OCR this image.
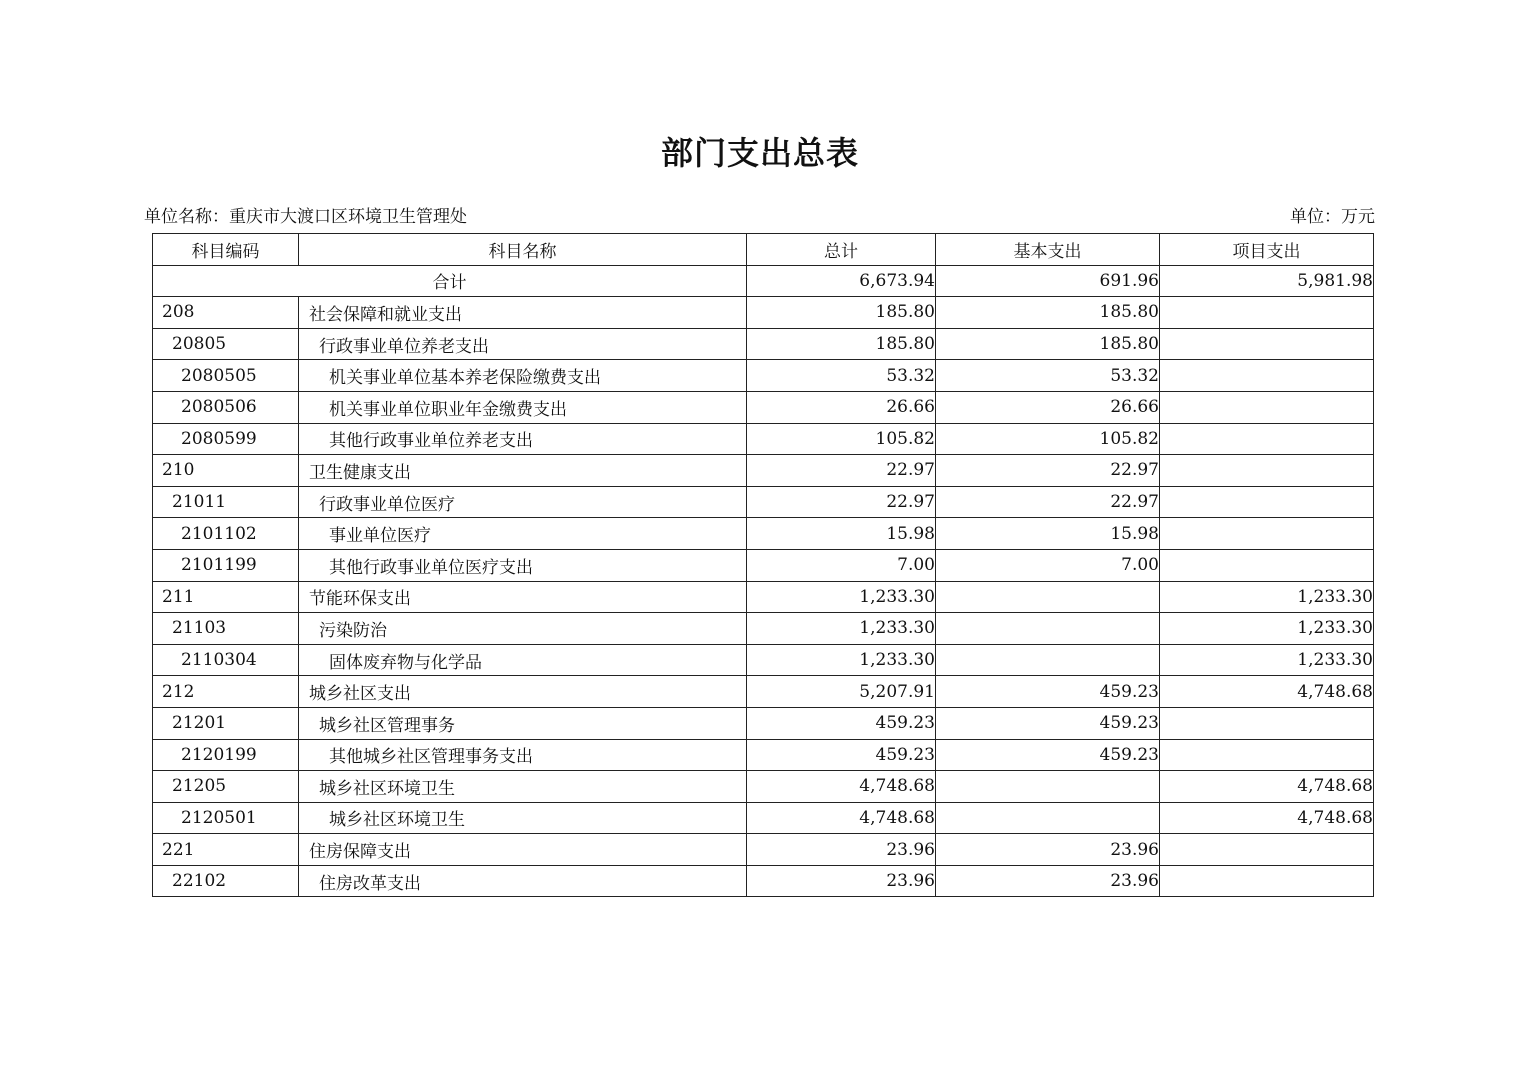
部门支出总表
单位名称：重庆市大渡口区环境卫生管理处	单位：万元
科目编码	科目名称	总计	基本支出	项目支出
合计		6,673.94	691.96	5,981.98
208	社会保障和就业支出	185.80	185.80	
20805	行政事业单位养老支出	185.80	185.80	
2080505	机关事业单位基本养老保险缴费支出	53.32	53.32	
2080506	机关事业单位职业年金缴费支出	26.66	26.66	
2080599	其他行政事业单位养老支出	105.82	105.82	
210	卫生健康支出	22.97	22.97	
21011	行政事业单位医疗	22.97	22.97	
2101102	事业单位医疗	15.98	15.98	
2101199	其他行政事业单位医疗支出	7.00	7.00	
211	节能环保支出	1,233.30		1,233.30
21103	污染防治	1,233.30		1,233.30
2110304	固体废弃物与化学品	1,233.30		1,233.30
212	城乡社区支出	5,207.91	459.23	4,748.68
21201	城乡社区管理事务	459.23	459.23	
2120199	其他城乡社区管理事务支出	459.23	459.23	
21205	城乡社区环境卫生	4,748.68		4,748.68
2120501	城乡社区环境卫生	4,748.68		4,748.68
221	住房保障支出	23.96	23.96	
22102	住房改革支出	23.96	23.96	
